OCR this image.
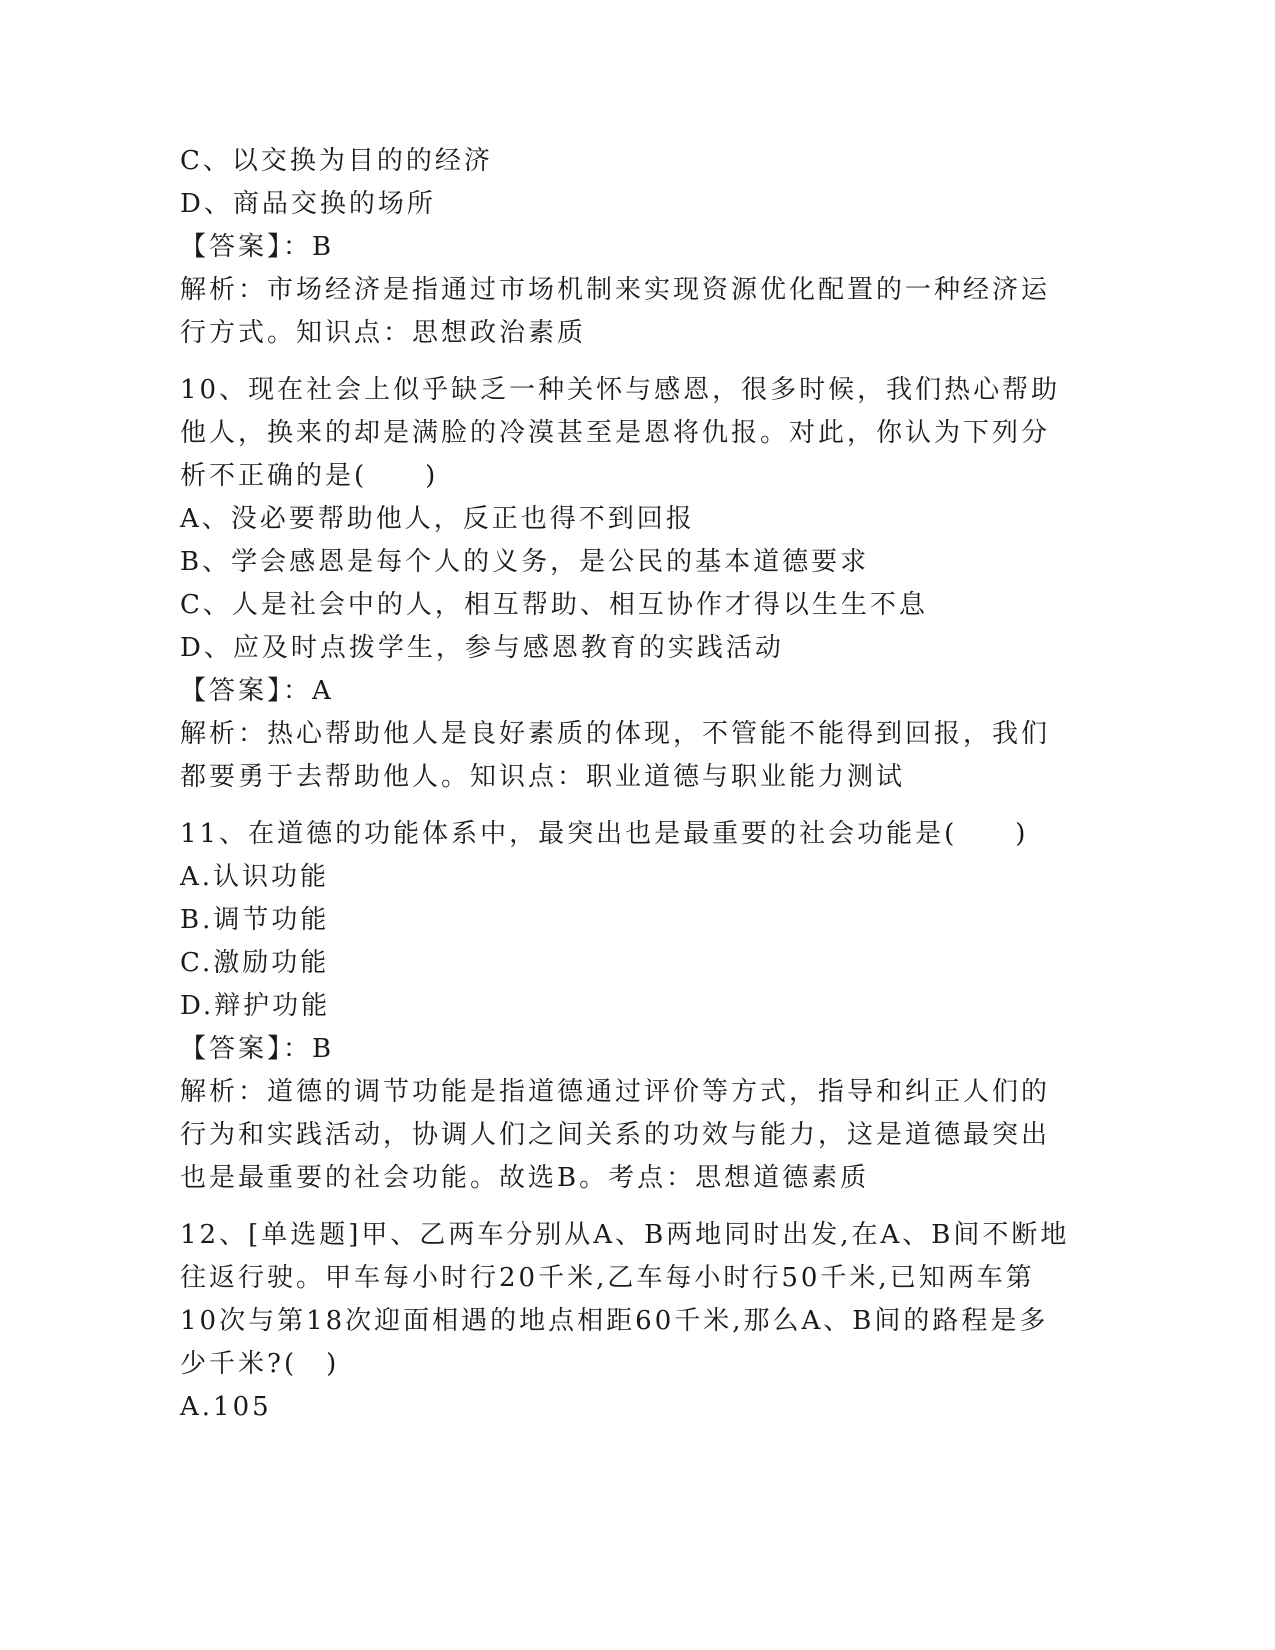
C、以交换为目的的经济
D、商品交换的场所
【答案】：B
解析：市场经济是指通过市场机制来实现资源优化配置的一种经济运
行方式。知识点：思想政治素质
10、现在社会上似乎缺乏一种关怀与感恩，很多时候，我们热心帮助
他人，换来的却是满脸的冷漠甚至是恩将仇报。对此，你认为下列分
析不正确的是(　　)
A、没必要帮助他人，反正也得不到回报
B、学会感恩是每个人的义务，是公民的基本道德要求
C、人是社会中的人，相互帮助、相互协作才得以生生不息
D、应及时点拨学生，参与感恩教育的实践活动
【答案】：A
解析：热心帮助他人是良好素质的体现，不管能不能得到回报，我们
都要勇于去帮助他人。知识点：职业道德与职业能力测试
11、在道德的功能体系中，最突出也是最重要的社会功能是(　　)
A.认识功能
B.调节功能
C.激励功能
D.辩护功能
【答案】：B
解析：道德的调节功能是指道德通过评价等方式，指导和纠正人们的
行为和实践活动，协调人们之间关系的功效与能力，这是道德最突出
也是最重要的社会功能。故选B。考点：思想道德素质
12、[单选题]甲、乙两车分别从A、B两地同时出发,在A、B间不断地
往返行驶。甲车每小时行20千米,乙车每小时行50千米,已知两车第
10次与第18次迎面相遇的地点相距60千米,那么A、B间的路程是多
少千米?(　)
A.105
